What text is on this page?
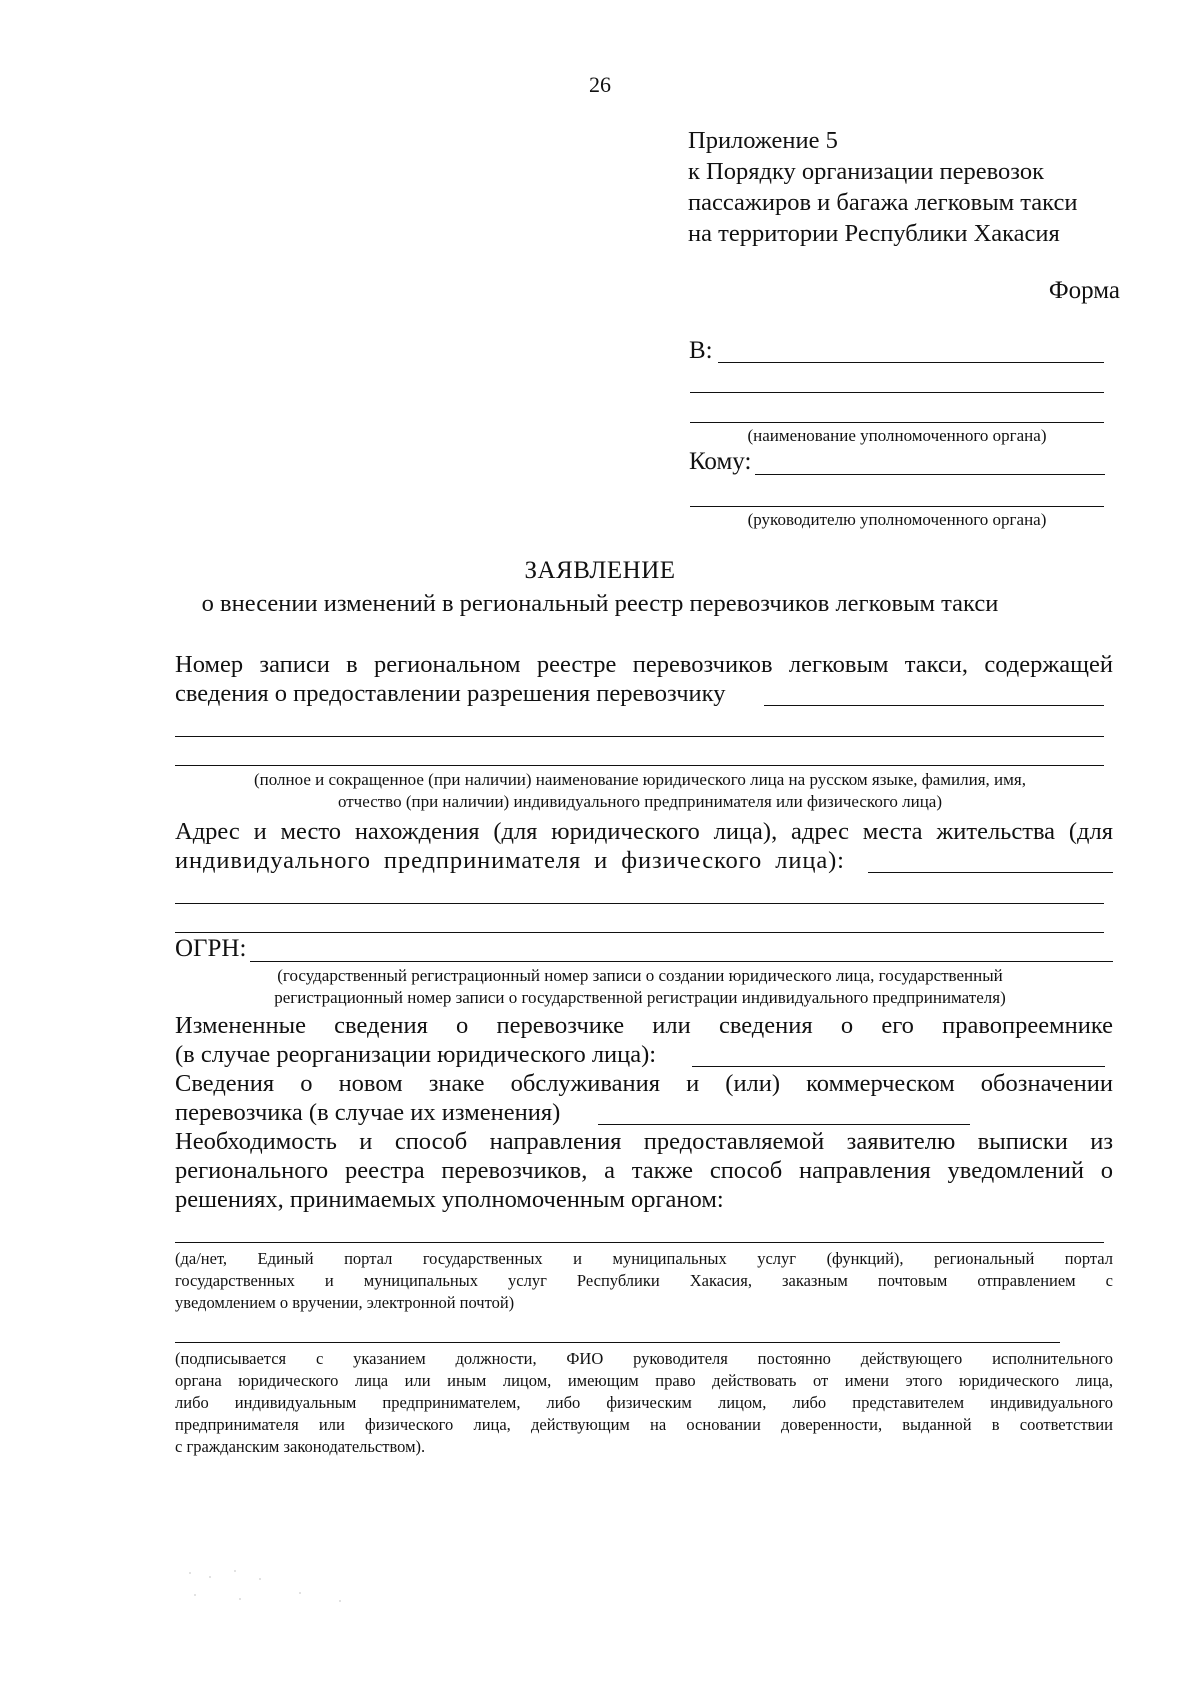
26
Приложение 5
к Порядку организации перевозок
пассажиров и багажа легковым такси
на территории Республики Хакасия
Форма
В:
(наименование уполномоченного органа)
Кому:
(руководителю уполномоченного органа)
ЗАЯВЛЕНИЕ
о внесении изменений в региональный реестр перевозчиков легковым такси
Номер записи в региональном реестре перевозчиков легковым такси, содержащей
сведения о предоставлении разрешения перевозчику
(полное и сокращенное (при наличии) наименование юридического лица на русском языке, фамилия, имя,
отчество (при наличии) индивидуального предпринимателя или физического лица)
Адрес и место нахождения (для юридического лица), адрес места жительства (для
индивидуального предпринимателя и физического лица):
ОГРН:
(государственный регистрационный номер записи о создании юридического лица, государственный
регистрационный номер записи о государственной регистрации индивидуального предпринимателя)
Измененные сведения о перевозчике или сведения о его правопреемнике
(в случае реорганизации юридического лица):
Сведения о новом знаке обслуживания и (или) коммерческом обозначении
перевозчика (в случае их изменения)
Необходимость и способ направления предоставляемой заявителю выписки из
регионального реестра перевозчиков, а также способ направления уведомлений о
решениях, принимаемых уполномоченным органом:
(да/нет, Единый портал государственных и муниципальных услуг (функций), региональный портал
государственных и муниципальных услуг Республики Хакасия, заказным почтовым отправлением с
уведомлением о вручении, электронной почтой)
(подписывается с указанием должности, ФИО руководителя постоянно действующего исполнительного
органа юридического лица или иным лицом, имеющим право действовать от имени этого юридического лица,
либо индивидуальным предпринимателем, либо физическим лицом, либо представителем индивидуального
предпринимателя или физического лица, действующим на основании доверенности, выданной в соответствии
с гражданским законодательством).
